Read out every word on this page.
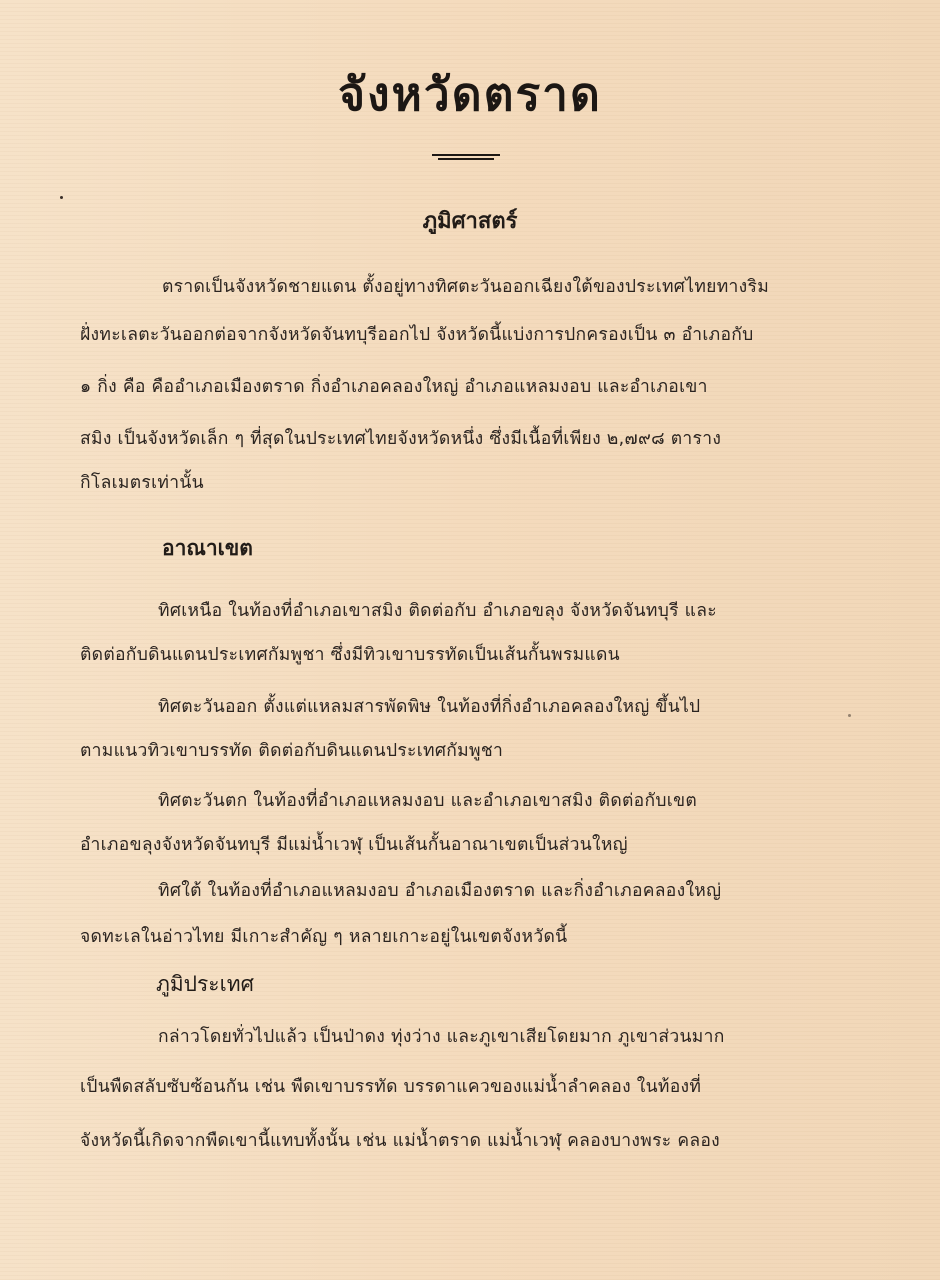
จังหวัดตราด
ภูมิศาสตร์
ตราดเป็นจังหวัดชายแดน ตั้งอยู่ทางทิศตะวันออกเฉียงใต้ของประเทศไทยทางริม
ฝั่งทะเลตะวันออกต่อจากจังหวัดจันทบุรีออกไป จังหวัดนี้แบ่งการปกครองเป็น ๓ อำเภอกับ
๑ กิ่ง คือ คืออำเภอเมืองตราด กิ่งอำเภอคลองใหญ่ อำเภอแหลมงอบ และอำเภอเขา
สมิง เป็นจังหวัดเล็ก ๆ ที่สุดในประเทศไทยจังหวัดหนึ่ง ซึ่งมีเนื้อที่เพียง ๒,๗๙๘ ตาราง
กิโลเมตรเท่านั้น
อาณาเขต
ทิศเหนือ ในท้องที่อำเภอเขาสมิง ติดต่อกับ อำเภอขลุง จังหวัดจันทบุรี และ
ติดต่อกับดินแดนประเทศกัมพูชา ซึ่งมีทิวเขาบรรทัดเป็นเส้นกั้นพรมแดน
ทิศตะวันออก ตั้งแต่แหลมสารพัดพิษ ในท้องที่กิ่งอำเภอคลองใหญ่ ขึ้นไป
ตามแนวทิวเขาบรรทัด ติดต่อกับดินแดนประเทศกัมพูชา
ทิศตะวันตก ในท้องที่อำเภอแหลมงอบ และอำเภอเขาสมิง ติดต่อกับเขต
อำเภอขลุงจังหวัดจันทบุรี มีแม่น้ำเวฬุ เป็นเส้นกั้นอาณาเขตเป็นส่วนใหญ่
ทิศใต้ ในท้องที่อำเภอแหลมงอบ อำเภอเมืองตราด และกิ่งอำเภอคลองใหญ่
จดทะเลในอ่าวไทย มีเกาะสำคัญ ๆ หลายเกาะอยู่ในเขตจังหวัดนี้
ภูมิประเทศ
กล่าวโดยทั่วไปแล้ว เป็นป่าดง ทุ่งว่าง และภูเขาเสียโดยมาก ภูเขาส่วนมาก
เป็นพืดสลับซับซ้อนกัน เช่น พืดเขาบรรทัด บรรดาแควของแม่น้ำลำคลอง ในท้องที่
จังหวัดนี้เกิดจากพืดเขานี้แทบทั้งนั้น เช่น แม่น้ำตราด แม่น้ำเวฬุ คลองบางพระ คลอง
